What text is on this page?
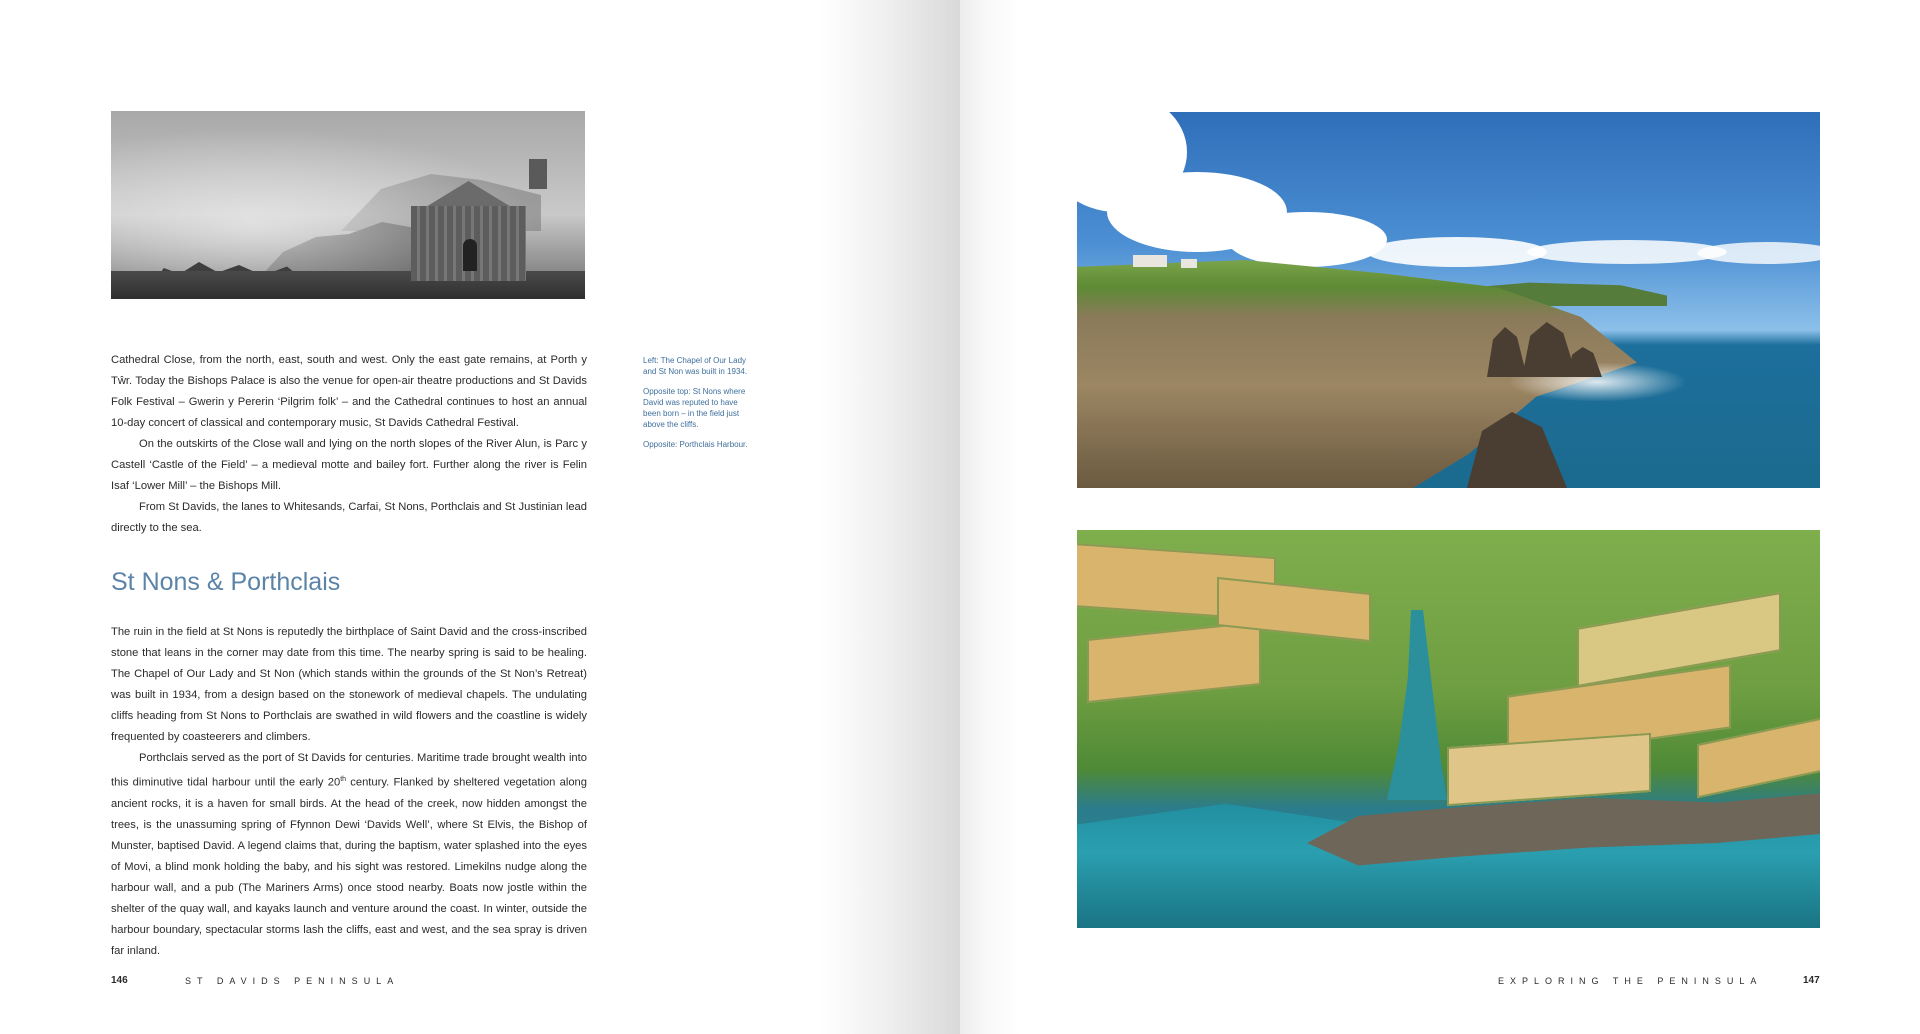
Cathedral Close, from the north, east, south and west. Only the east gate remains, at Porth y Tŵr. Today the Bishops Palace is also the venue for open-air theatre productions and St Davids Folk Festival – Gwerin y Pererin ‘Pilgrim folk’ – and the Cathedral continues to host an annual 10-day concert of classical and contemporary music, St Davids Cathedral Festival.

On the outskirts of the Close wall and lying on the north slopes of the River Alun, is Parc y Castell ‘Castle of the Field’ – a medieval motte and bailey fort. Further along the river is Felin Isaf ‘Lower Mill’ – the Bishops Mill.

From St Davids, the lanes to Whitesands, Carfai, St Nons, Porthclais and St Justinian lead directly to the sea.

St Nons & Porthclais

The ruin in the field at St Nons is reputedly the birthplace of Saint David and the cross-inscribed stone that leans in the corner may date from this time. The nearby spring is said to be healing. The Chapel of Our Lady and St Non (which stands within the grounds of the St Non’s Retreat) was built in 1934, from a design based on the stonework of medieval chapels. The undulating cliffs heading from St Nons to Porthclais are swathed in wild flowers and the coastline is widely frequented by coasteerers and climbers.

Porthclais served as the port of St Davids for centuries. Maritime trade brought wealth into this diminutive tidal harbour until the early 20th century. Flanked by sheltered vegetation along ancient rocks, it is a haven for small birds. At the head of the creek, now hidden amongst the trees, is the unassuming spring of Ffynnon Dewi ‘Davids Well’, where St Elvis, the Bishop of Munster, baptised David. A legend claims that, during the baptism, water splashed into the eyes of Movi, a blind monk holding the baby, and his sight was restored. Limekilns nudge along the harbour wall, and a pub (The Mariners Arms) once stood nearby. Boats now jostle within the shelter of the quay wall, and kayaks launch and venture around the coast. In winter, outside the harbour boundary, spectacular storms lash the cliffs, east and west, and the sea spray is driven far inland.

Left: The Chapel of Our Lady and St Non was built in 1934.

Opposite top: St Nons where David was reputed to have been born – in the field just above the cliffs.

Opposite: Porthclais Harbour.

146	ST DAVIDS PENINSULA	EXPLORING THE PENINSULA	147
